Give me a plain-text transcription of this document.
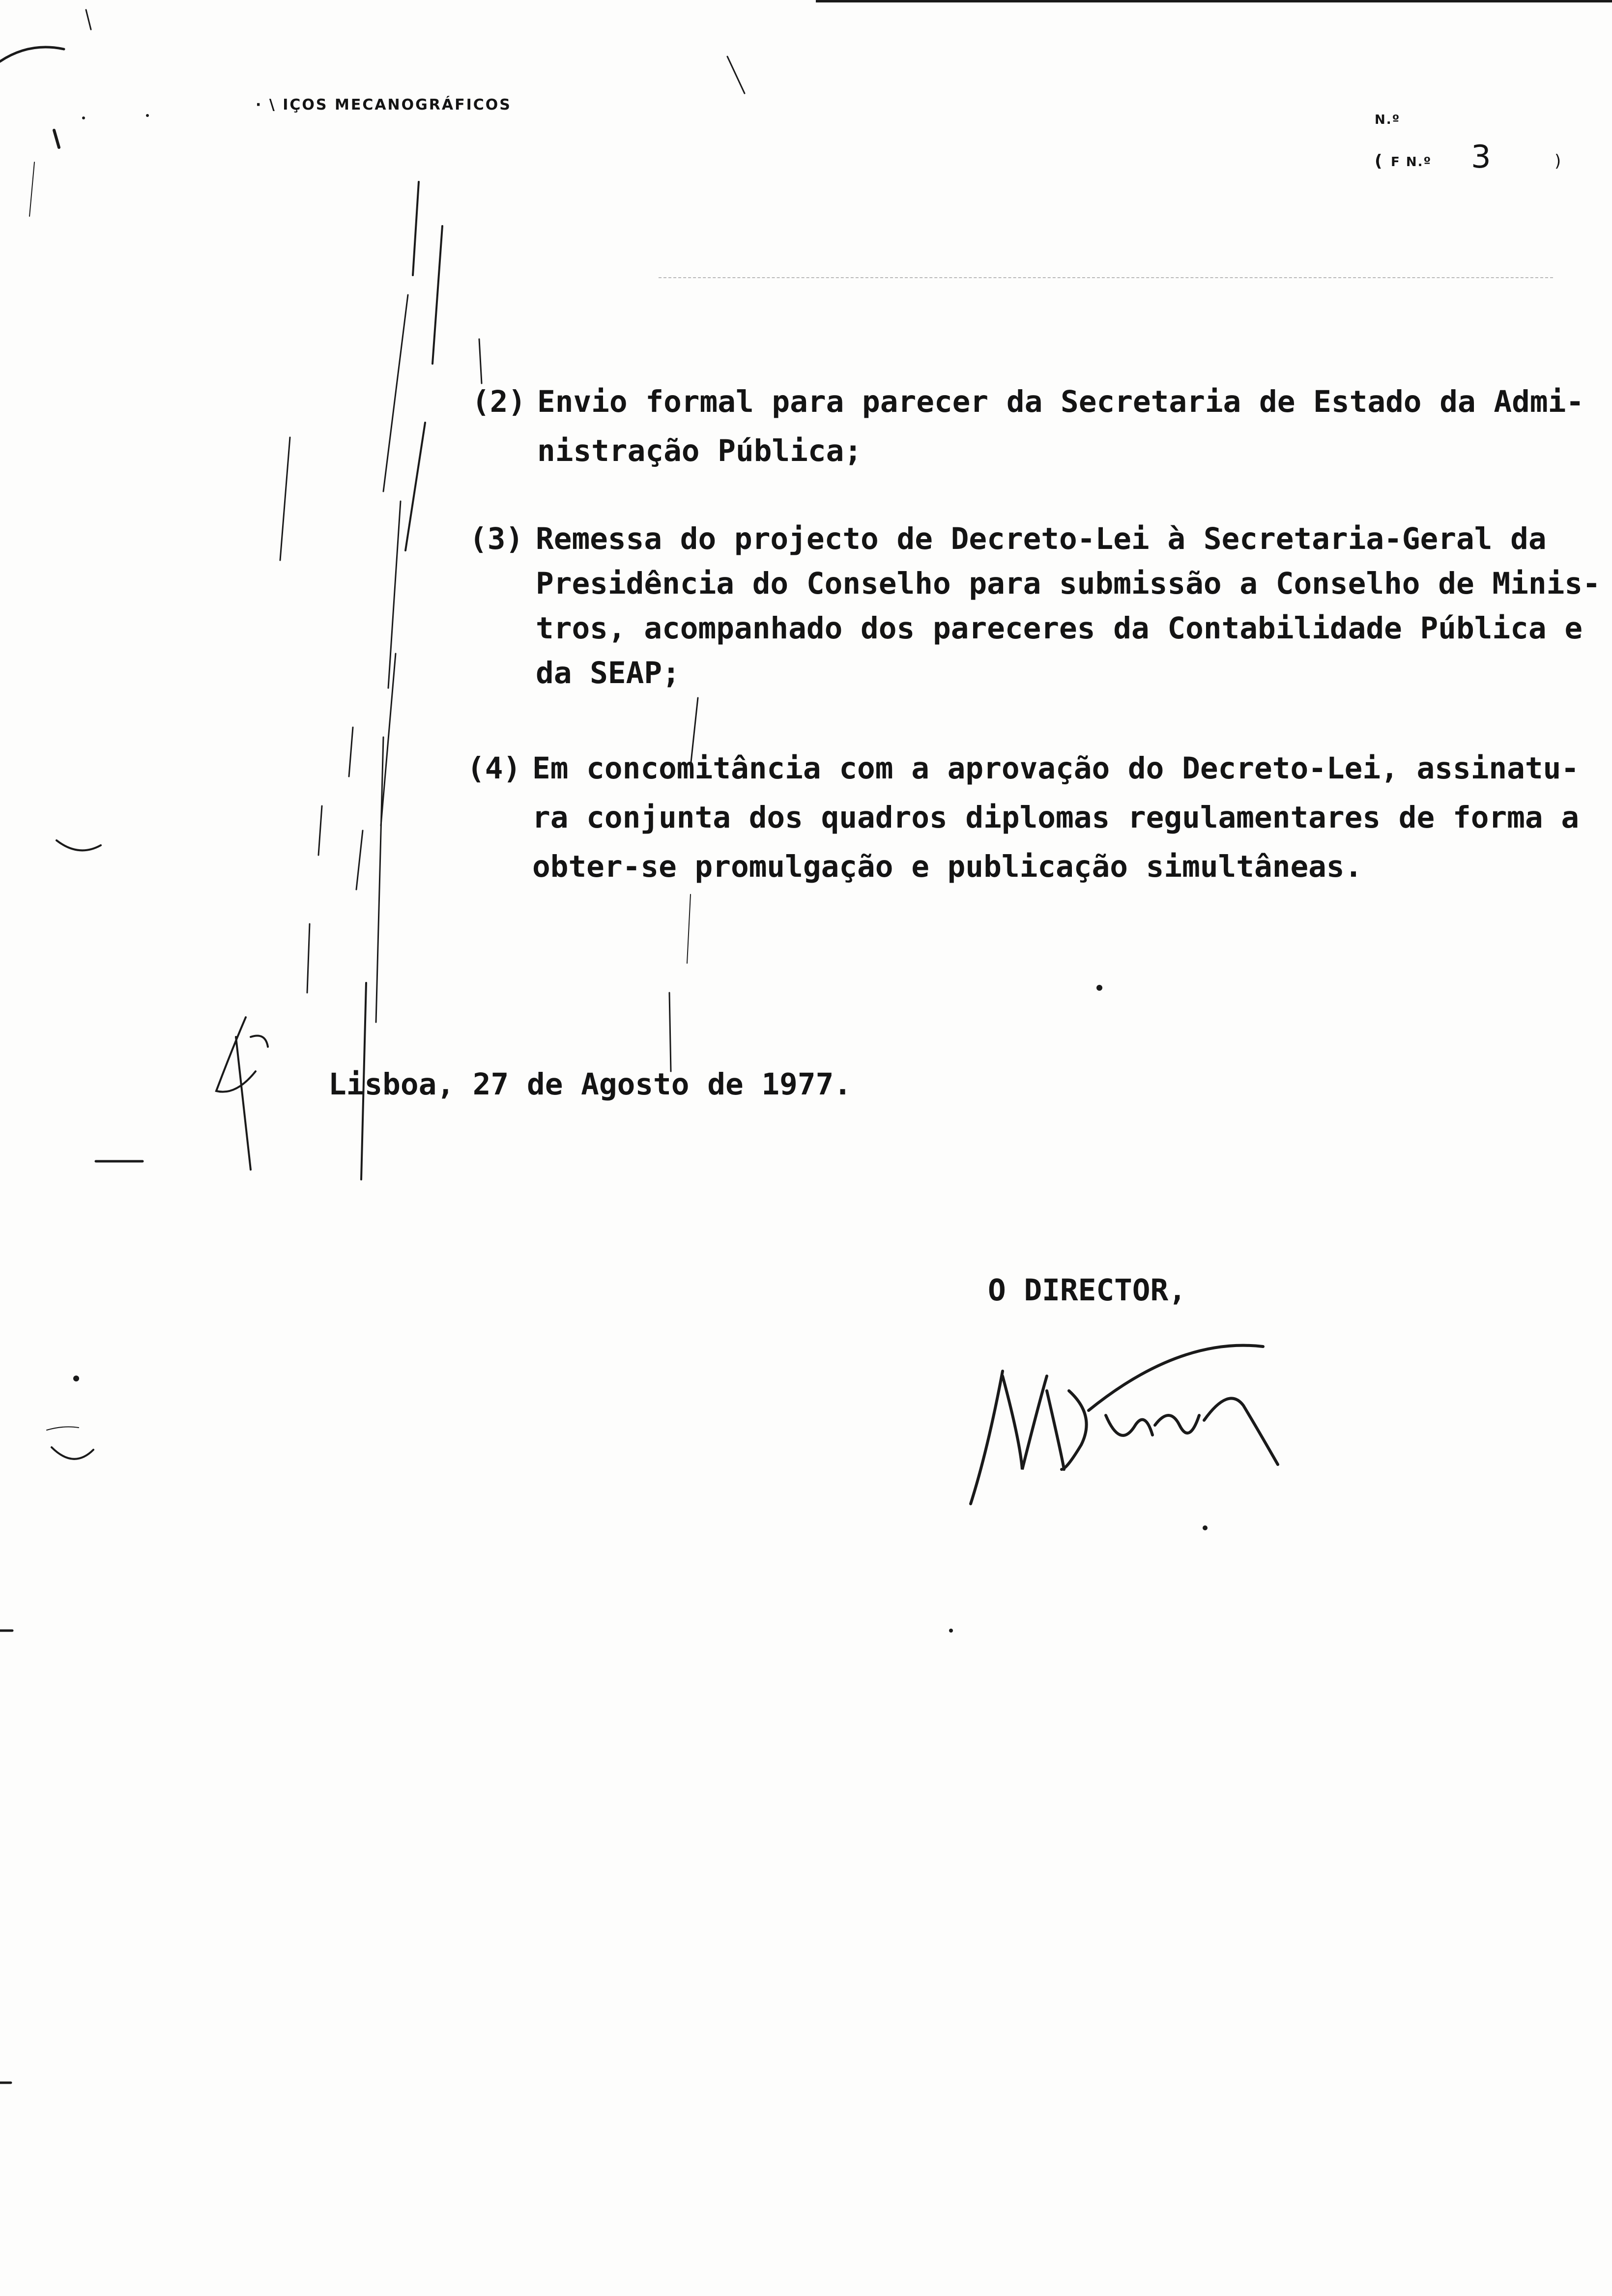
· \ IÇOS MECANOGRÁFICOS
N.º
( F N.º 3	)
(2) Envio formal para parecer da Secretaria de Estado da Admi-
nistração Pública;
(3) Remessa do projecto de Decreto-Lei à Secretaria-Geral da
Presidência do Conselho para submissão a Conselho de Minis-
tros, acompanhado dos pareceres da Contabilidade Pública e
da SEAP;
(4) Em concomitância com a aprovação do Decreto-Lei, assinatu-
ra conjunta dos quadros diplomas regulamentares de forma a
obter-se promulgação e publicação simultâneas.
Lisboa, 27 de Agosto de 1977.
O DIRECTOR,
